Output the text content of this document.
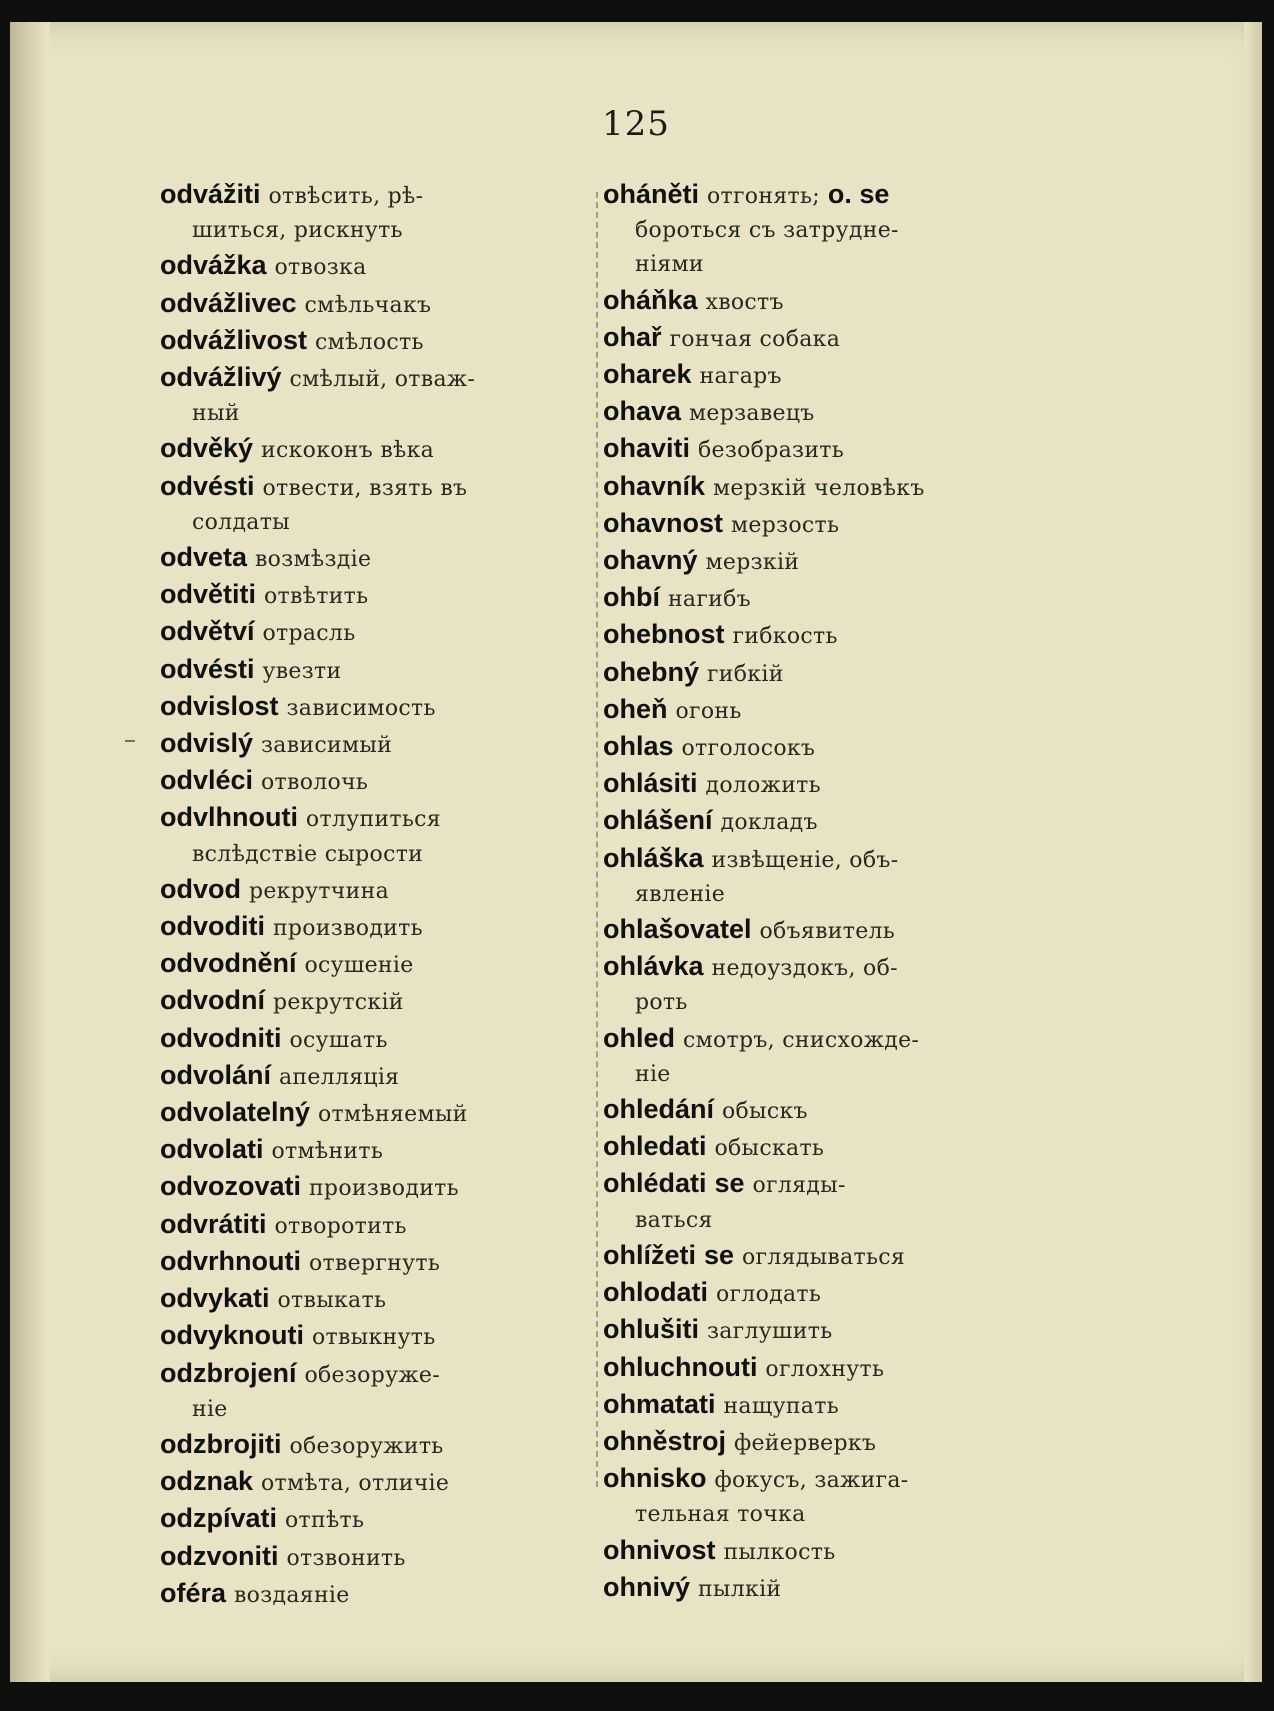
125
odvážiti отвѣсить, рѣ-
шиться, рискнуть
odvážka отвозка
odvážlivec смѣльчакъ
odvážlivost смѣлость
odvážlivý смѣлый, отваж-
ный
odvěký искоконъ вѣка
odvésti отвести, взять въ
солдаты
odveta возмѣздіе
odvětiti отвѣтить
odvětví отрасль
odvésti увезти
odvislost зависимость
odvislý зависимый
odvléci отволочь
odvlhnouti отлупиться
вслѣдствіе сырости
odvod рекрутчина
odvoditi производить
odvodnění осушеніе
odvodní рекрутскій
odvodniti осушать
odvolání апелляція
odvolatelný отмѣняемый
odvolati отмѣнить
odvozovati производить
odvrátiti отворотить
odvrhnouti отвергнуть
odvykati отвыкать
odvyknouti отвыкнуть
odzbrojení обезоруже-
ніе
odzbrojiti обезоружить
odznak отмѣта, отличіе
odzpívati отпѣть
odzvoniti отзвонить
oféra воздаяніе
oháněti отгонять; o. se
бороться съ затрудне-
ніями
oháňka хвостъ
ohař гончая собака
oharek нагаръ
ohava мерзавецъ
ohaviti безобразить
ohavník мерзкій человѣкъ
ohavnost мерзость
ohavný мерзкій
ohbí нагибъ
ohebnost гибкость
ohebný гибкій
oheň огонь
ohlas отголосокъ
ohlásiti доложить
ohlášení докладъ
ohláška извѣщеніе, объ-
явленіе
ohlašovatel объявитель
ohlávka недоуздокъ, об-
роть
ohled смотръ, снисхожде-
ніе
ohledání обыскъ
ohledati обыскать
ohlédati se огляды-
ваться
ohlížeti se оглядываться
ohlodati оглодать
ohlušiti заглушить
ohluchnouti оглохнуть
ohmatati нащупать
ohněstroj фейерверкъ
ohnisko фокусъ, зажига-
тельная точка
ohnivost пылкость
ohnivý пылкій
